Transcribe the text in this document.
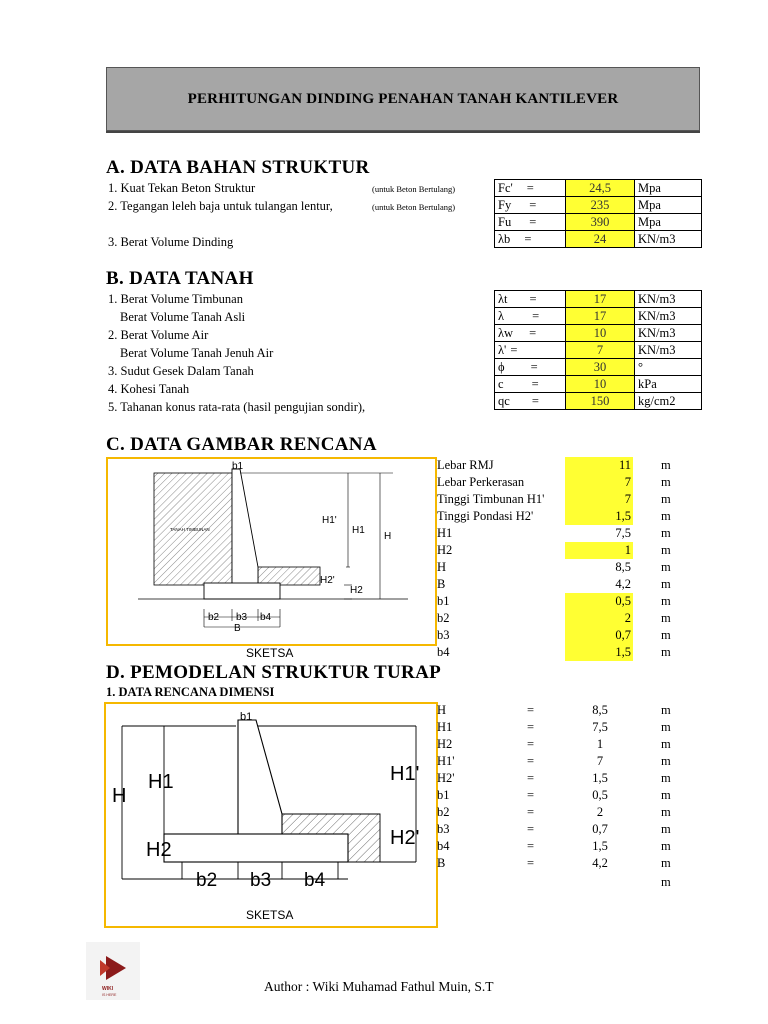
PERHITUNGAN DINDING PENAHAN TANAH KANTILEVER
A. DATA BAHAN STRUKTUR
1. Kuat Tekan Beton Struktur	(untuk Beton Bertulang)
2. Tegangan leleh baja untuk tulangan lentur,	(untuk Beton Bertulang)
3. Berat Volume Dinding
Fc' =	24,5	Mpa
Fy =	235	Mpa
Fu =	390	Mpa
λb =	24	KN/m3
B. DATA TANAH
1. Berat Volume Timbunan
Berat Volume Tanah Asli
2. Berat Volume Air
Berat Volume Tanah Jenuh Air
3. Sudut Gesek Dalam Tanah
4. Kohesi Tanah
5. Tahanan konus rata-rata (hasil pengujian sondir),
λt =	17	KN/m3
λ =	17	KN/m3
λw =	10	KN/m3
λ' =	7	KN/m3
ϕ =	30	°
c =	10	kPa
qc =	150	kg/cm2
C. DATA GAMBAR RENCANA
b1
H1'
H1
H
H2'
H2
b2 b3 b4
B
TANAH TIMBUNAN
SKETSA
Lebar RMJ	11 m
Lebar Perkerasan	7 m
Tinggi Timbunan H1'	7 m
Tinggi Pondasi H2'	1,5 m
H1	7,5 m
H2	1 m
H	8,5 m
B	4,2 m
b1	0,5 m
b2	2 m
b3	0,7 m
b4	1,5 m
D. PEMODELAN STRUKTUR TURAP
1. DATA RENCANA DIMENSI
b1
H
H1	H1'
H2
H2'
b2 b3 b4
SKETSA
H	=	8,5	m
H1	=	7,5	m
H2	=	1	m
H1'	=	7	m
H2'	=	1,5	m
b1	=	0,5	m
b2	=	2	m
b3	=	0,7	m
b4	=	1,5	m
B	=	4,2	m
m
WIKI
IS HERE
Author : Wiki Muhamad Fathul Muin, S.T
